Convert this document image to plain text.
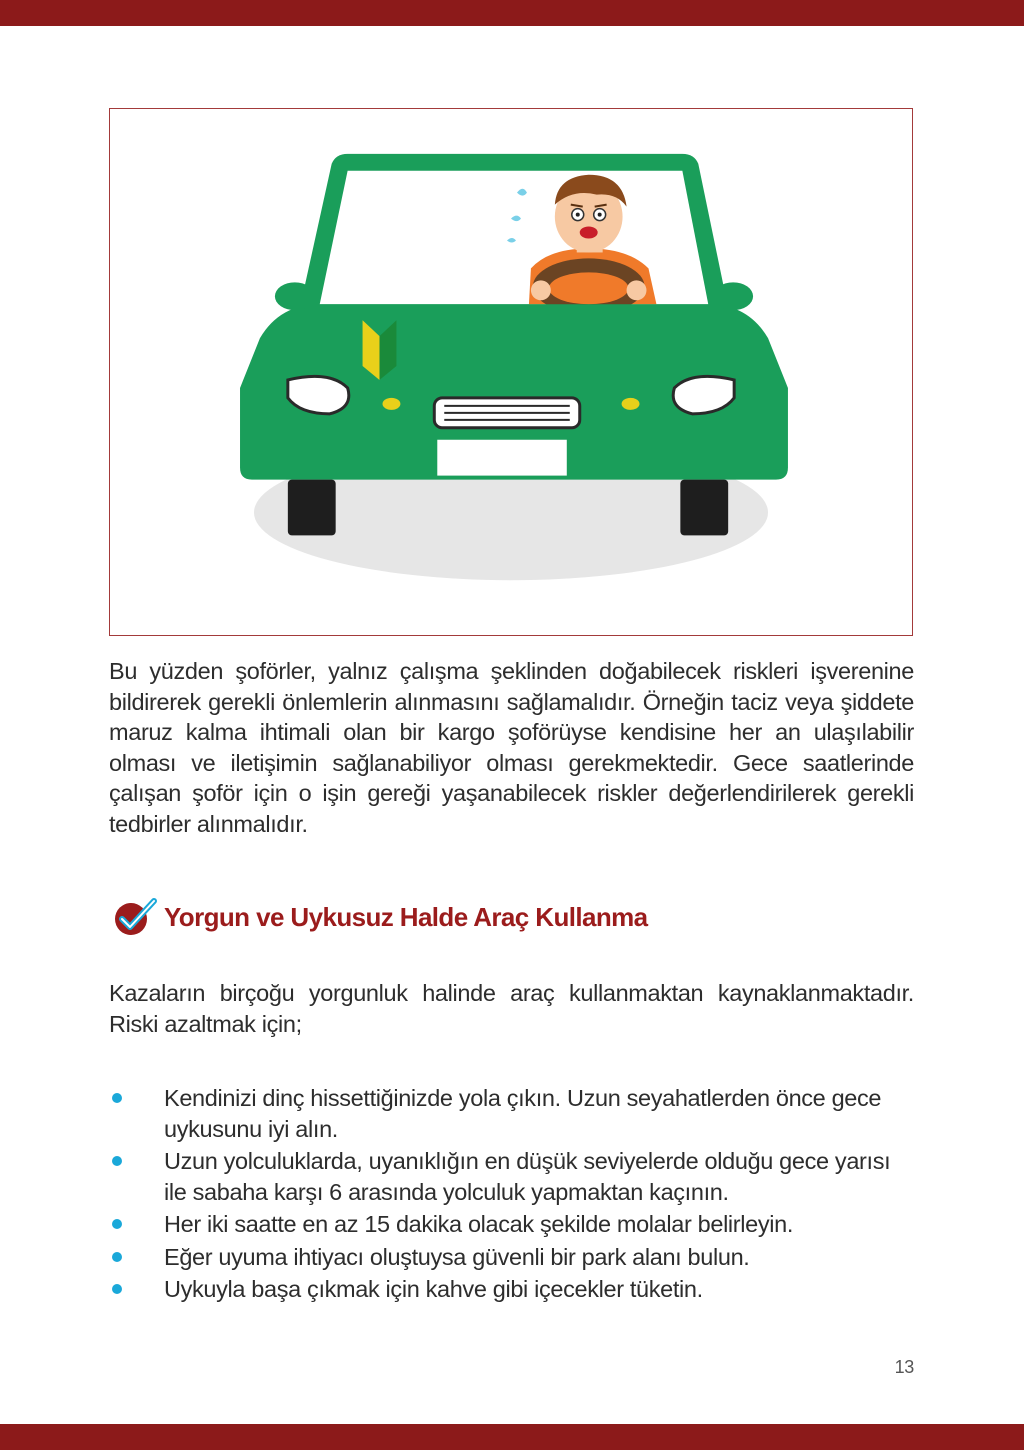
Bu yüzden şoförler, yalnız çalışma şeklinden doğabilecek riskleri işverenine bildirerek gerekli önlemlerin alınmasını sağlamalıdır. Örneğin taciz veya şiddete maruz kalma ihtimali olan bir kargo şoförüyse kendisine her an ulaşılabilir olması ve iletişimin sağlanabiliyor olması gerekmektedir. Gece saatlerinde çalışan şoför için o işin gereği yaşanabilecek riskler değerlendirilerek gerekli tedbirler alınmalıdır.

Yorgun ve Uykusuz Halde Araç Kullanma

Kazaların birçoğu yorgunluk halinde araç kullanmaktan kaynaklanmaktadır. Riski azaltmak için;

Kendinizi dinç hissettiğinizde yola çıkın. Uzun seyahatlerden önce gece uykusunu iyi alın.
Uzun yolculuklarda, uyanıklığın en düşük seviyelerde olduğu gece yarısı ile sabaha karşı 6 arasında yolculuk yapmaktan kaçının.
Her iki saatte en az 15 dakika olacak şekilde molalar belirleyin.
Eğer uyuma ihtiyacı oluştuysa güvenli bir park alanı bulun.
Uykuyla başa çıkmak için kahve gibi içecekler tüketin.
13
